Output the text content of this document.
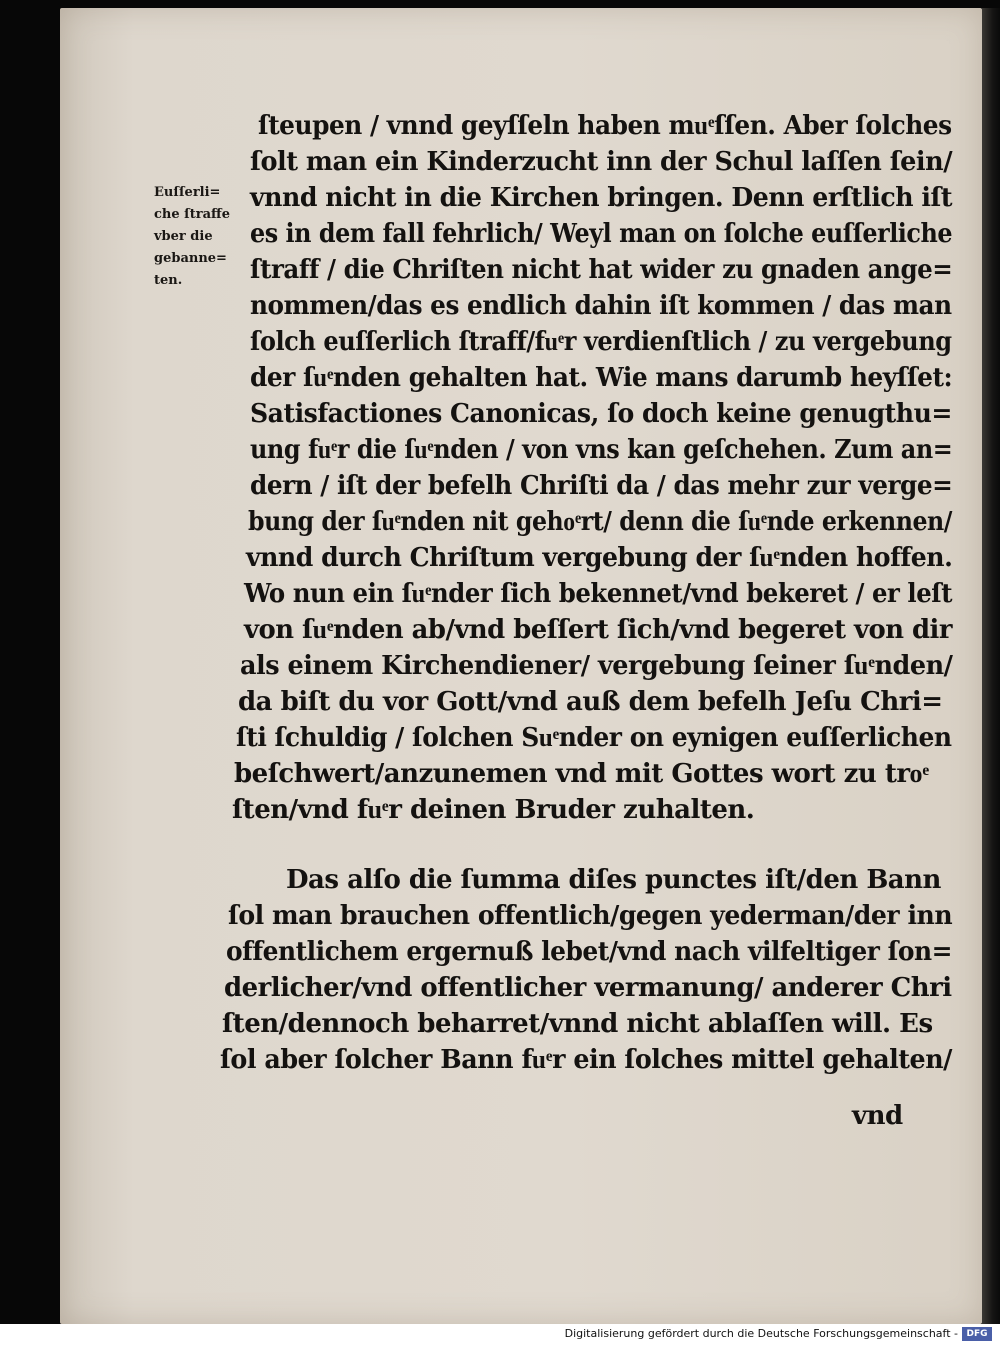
Euſſerli=
che ſtraffe
vber die
gebanne=
ten.
ſteupen / vnnd geyſſeln haben muͤſſen. Aber ſolches
ſolt man ein Kinderzucht inn der Schul laſſen ſein/
vnnd nicht in die Kirchen bringen. Denn erſtlich iſt
es in dem fall fehrlich/ Weyl man on ſolche euſſerliche
ſtraff / die Chriſten nicht hat wider zu gnaden ange=
nommen/das es endlich dahin iſt kommen / das man
ſolch euſſerlich ſtraff/fuͤr verdienſtlich / zu vergebung
der ſuͤnden gehalten hat. Wie mans darumb heyſſet:
Satisfactiones Canonicas, ſo doch keine genugthu=
ung fuͤr die ſuͤnden / von vns kan geſchehen. Zum an=
dern / iſt der befelh Chriſti da / das mehr zur verge=
bung der ſuͤnden nit gehoͤrt/ denn die ſuͤnde erkennen/
vnnd durch Chriſtum vergebung der ſuͤnden hoffen.
Wo nun ein ſuͤnder ſich bekennet/vnd bekeret / er leſt
von ſuͤnden ab/vnd beſſert ſich/vnd begeret von dir
als einem Kirchendiener/ vergebung ſeiner ſuͤnden/
da biſt du vor Gott/vnd auß dem befelh Jeſu Chri=
ſti ſchuldig / ſolchen Suͤnder on eynigen euſſerlichen
beſchwert/anzunemen vnd mit Gottes wort zu troͤ
ſten/vnd fuͤr deinen Bruder zuhalten.
Das alſo die ſumma diſes punctes iſt/den Bann
ſol man brauchen offentlich/gegen yederman/der inn
offentlichem ergernuß lebet/vnd nach vilfeltiger ſon=
derlicher/vnd offentlicher vermanung/ anderer Chri
ſten/dennoch beharret/vnnd nicht ablaſſen will. Es
ſol aber ſolcher Bann fuͤr ein ſolches mittel gehalten/
vnd
Digitalisierung gefördert durch die Deutsche Forschungsgemeinschaft - DFG
